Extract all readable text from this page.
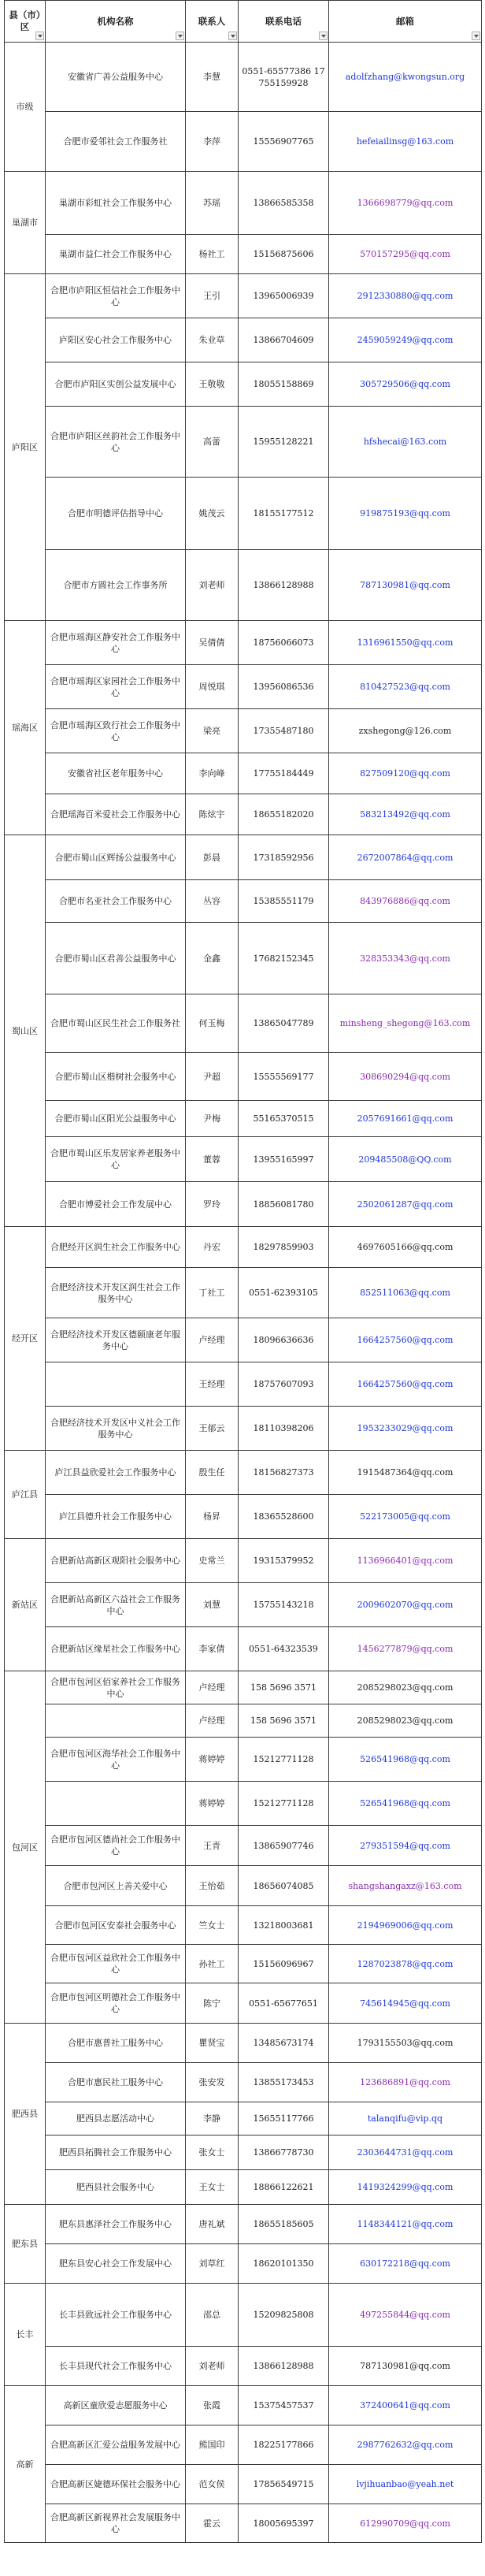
县（市）区	机构名称	联系人	联系电话	邮箱

市级	安徽省广善公益服务中心	李慧	0551-65577386 17755159928	adolfzhang@kwongsun.org
	合肥市爱邻社会工作服务社	李萍	15556907765	hefeiailinsg@163.com
巢湖市	巢湖市彩虹社会工作服务中心	苏瑶	13866585358	1366698779@qq.com
	巢湖市益仁社会工作服务中心	杨社工	15156875606	570157295@qq.com
庐阳区	合肥市庐阳区恒信社会工作服务中心	王引	13965006939	2912330880@qq.com
	庐阳区安心社会工作服务中心	朱业草	13866704609	2459059249@qq.com
	合肥市庐阳区实创公益发展中心	王敬敬	18055158869	305729506@qq.com
	合肥市庐阳区丝韵社会工作服务中心	高蕾	15955128221	hfshecai@163.com
	合肥市明德评估指导中心	姚茂云	18155177512	919875193@qq.com
	合肥市方圆社会工作事务所	刘老师	13866128988	787130981@qq.com
瑶海区	合肥市瑶海区静安社会工作服务中心	吴倩倩	18756066073	1316961550@qq.com
	合肥市瑶海区家园社会工作服务中心	周悦琪	13956086536	810427523@qq.com
	合肥市瑶海区致行社会工作服务中心	梁亮	17355487180	zxshegong@126.com
	安徽省社区老年服务中心	李向峰	17755184449	827509120@qq.com
	合肥瑶海百米爱社会工作服务中心	陈炫宇	18655182020	583213492@qq.com
蜀山区	合肥市蜀山区辉扬公益服务中心	彭晨	17318592956	2672007864@qq.com
	合肥市名亚社会工作服务中心	丛容	15385551179	843976886@qq.com
	合肥市蜀山区君善公益服务中心	金鑫	17682152345	328353343@qq.com
	合肥市蜀山区民生社会工作服务社	何玉梅	13865047789	minsheng_shegong@163.com
	合肥市蜀山区楷树社会服务中心	尹超	15555569177	308690294@qq.com
	合肥市蜀山区阳光公益服务中心	尹梅	55165370515	2057691661@qq.com
	合肥市蜀山区乐发居家养老服务中心	董蓉	13955165997	209485508@QQ.com
	合肥市博爱社会工作发展中心	罗玲	18856081780	2502061287@qq.com
经开区	合肥经开区润生社会工作服务中心	丹宏	18297859903	4697605166@qq.com
	合肥经济技术开发区润生社会工作服务中心	丁社工	0551-62393105	852511063@qq.com
	合肥经济技术开发区德颐康老年服务中心	卢经理	18096636636	1664257560@qq.com
		王经理	18757607093	1664257560@qq.com
	合肥经济技术开发区中义社会工作服务中心	王郁云	18110398206	1953233029@qq.com
庐江县	庐江县益欣爱社会工作服务中心	殷生任	18156827373	1915487364@qq.com
	庐江县德升社会工作服务中心	杨昇	18365528600	522173005@qq.com
新站区	合肥新站高新区观阳社会服务中心	史常兰	19315379952	1136966401@qq.com
	合肥新站高新区六益社会工作服务中心	刘慧	15755143218	2009602070@qq.com
	合肥新站区缘星社会工作服务中心	李家倩	0551-64323539	1456277879@qq.com
包河区	合肥市包河区佰家养社会工作服务中心	卢经理	158 5696 3571	2085298023@qq.com
		卢经理	158 5696 3571	2085298023@qq.com
	合肥市包河区海华社会工作服务中心	蒋婷婷	15212771128	526541968@qq.com
		蒋婷婷	15212771128	526541968@qq.com
	合肥市包河区德尚社会工作服务中心	王青	13865907746	279351594@qq.com
	合肥市包河区上善关爱中心	王怡茹	18656074085	shangshangaxz@163.com
	合肥市包河区安泰社会服务中心	竺女士	13218003681	2194969006@qq.com
	合肥市包河区益欣社会工作服务中心	孙社工	15156096967	1287023878@qq.com
	合肥市包河区明德社会工作服务中心	陈宁	0551-65677651	745614945@qq.com
肥西县	合肥市惠普社工服务中心	瞿贤宝	13485673174	1793155503@qq.com
	合肥市惠民社工服务中心	张安发	13855173453	123686891@qq.com
	肥西县志愿活动中心	李静	15655117766	talanqifu@vip.qq
	肥西县拓腾社会工作服务中心	张女士	13866778730	2303644731@qq.com
	肥西县社会服务中心	王女士	18866122621	1419324299@qq.com
肥东县	肥东县惠泽社会工作服务中心	唐礼斌	18655185605	1148344121@qq.com
	肥东县安心社会工作发展中心	刘草红	18620101350	630172218@qq.com
长丰	长丰县致远社会工作服务中心	邵总	15209825808	497255844@qq.com
	长丰县现代社会工作服务中心	刘老师	13866128988	787130981@qq.com
高新	高新区童欣爱志愿服务中心	张霞	15375457537	372400641@qq.com
	合肥高新区汇爱公益服务发展中心	熊国印	18225177866	2987762632@qq.com
	合肥高新区婕德环保社会服务中心	范女侯	17856549715	lvjihuanbao@yeah.net
	合肥高新区新视界社会发展服务中心	霍云	18005695397	612990709@qq.com
